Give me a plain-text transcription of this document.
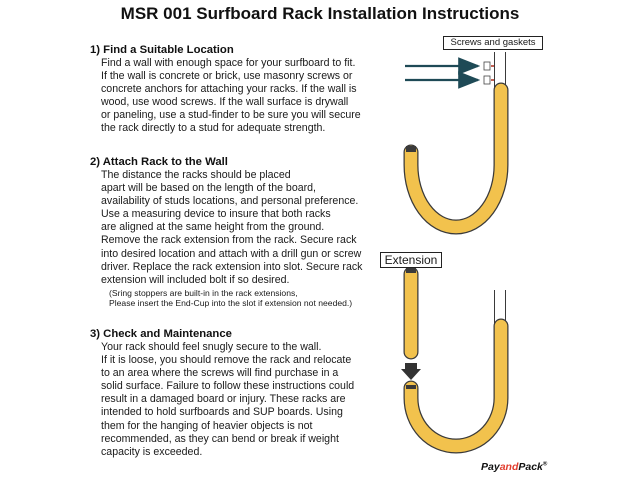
MSR 001 Surfboard Rack Installation Instructions
1) Find a Suitable Location

Find a wall with enough space for your surfboard to fit.

If the wall is concrete or brick, use masonry screws or

concrete anchors for attaching your racks. If the wall is

wood, use wood screws. If the wall surface is drywall

or paneling, use a stud-finder to be sure you will secure

the rack directly to a stud for adequate strength.

2) Attach Rack to the Wall

The distance the racks should be placed

apart will be based on the length of the board,

availability of studs locations, and personal preference.

Use a measuring device to insure that both racks

are aligned at the same height from the ground.

Remove the rack extension from the rack. Secure rack

into desired location and attach with a drill gun or screw

driver. Replace the rack extension into slot. Secure rack

extension will included bolt if so desired.

(Sring stoppers are built-in in the rack extensions,

Please insert the End-Cup into the slot if extension not needed.)

3) Check and Maintenance

Your rack should feel snugly secure to the wall.

If it is loose, you should remove the rack and relocate

to an area where the screws will find purchase in a

solid surface. Failure to follow these instructions could

result in a damaged board or injury. These racks are

intended to hold surfboards and SUP boards. Using

them for the hanging of heavier objects is not

recommended, as they can bend or break if weight

capacity is exceeded.

Screws and gaskets
Extension
PayandPack®
